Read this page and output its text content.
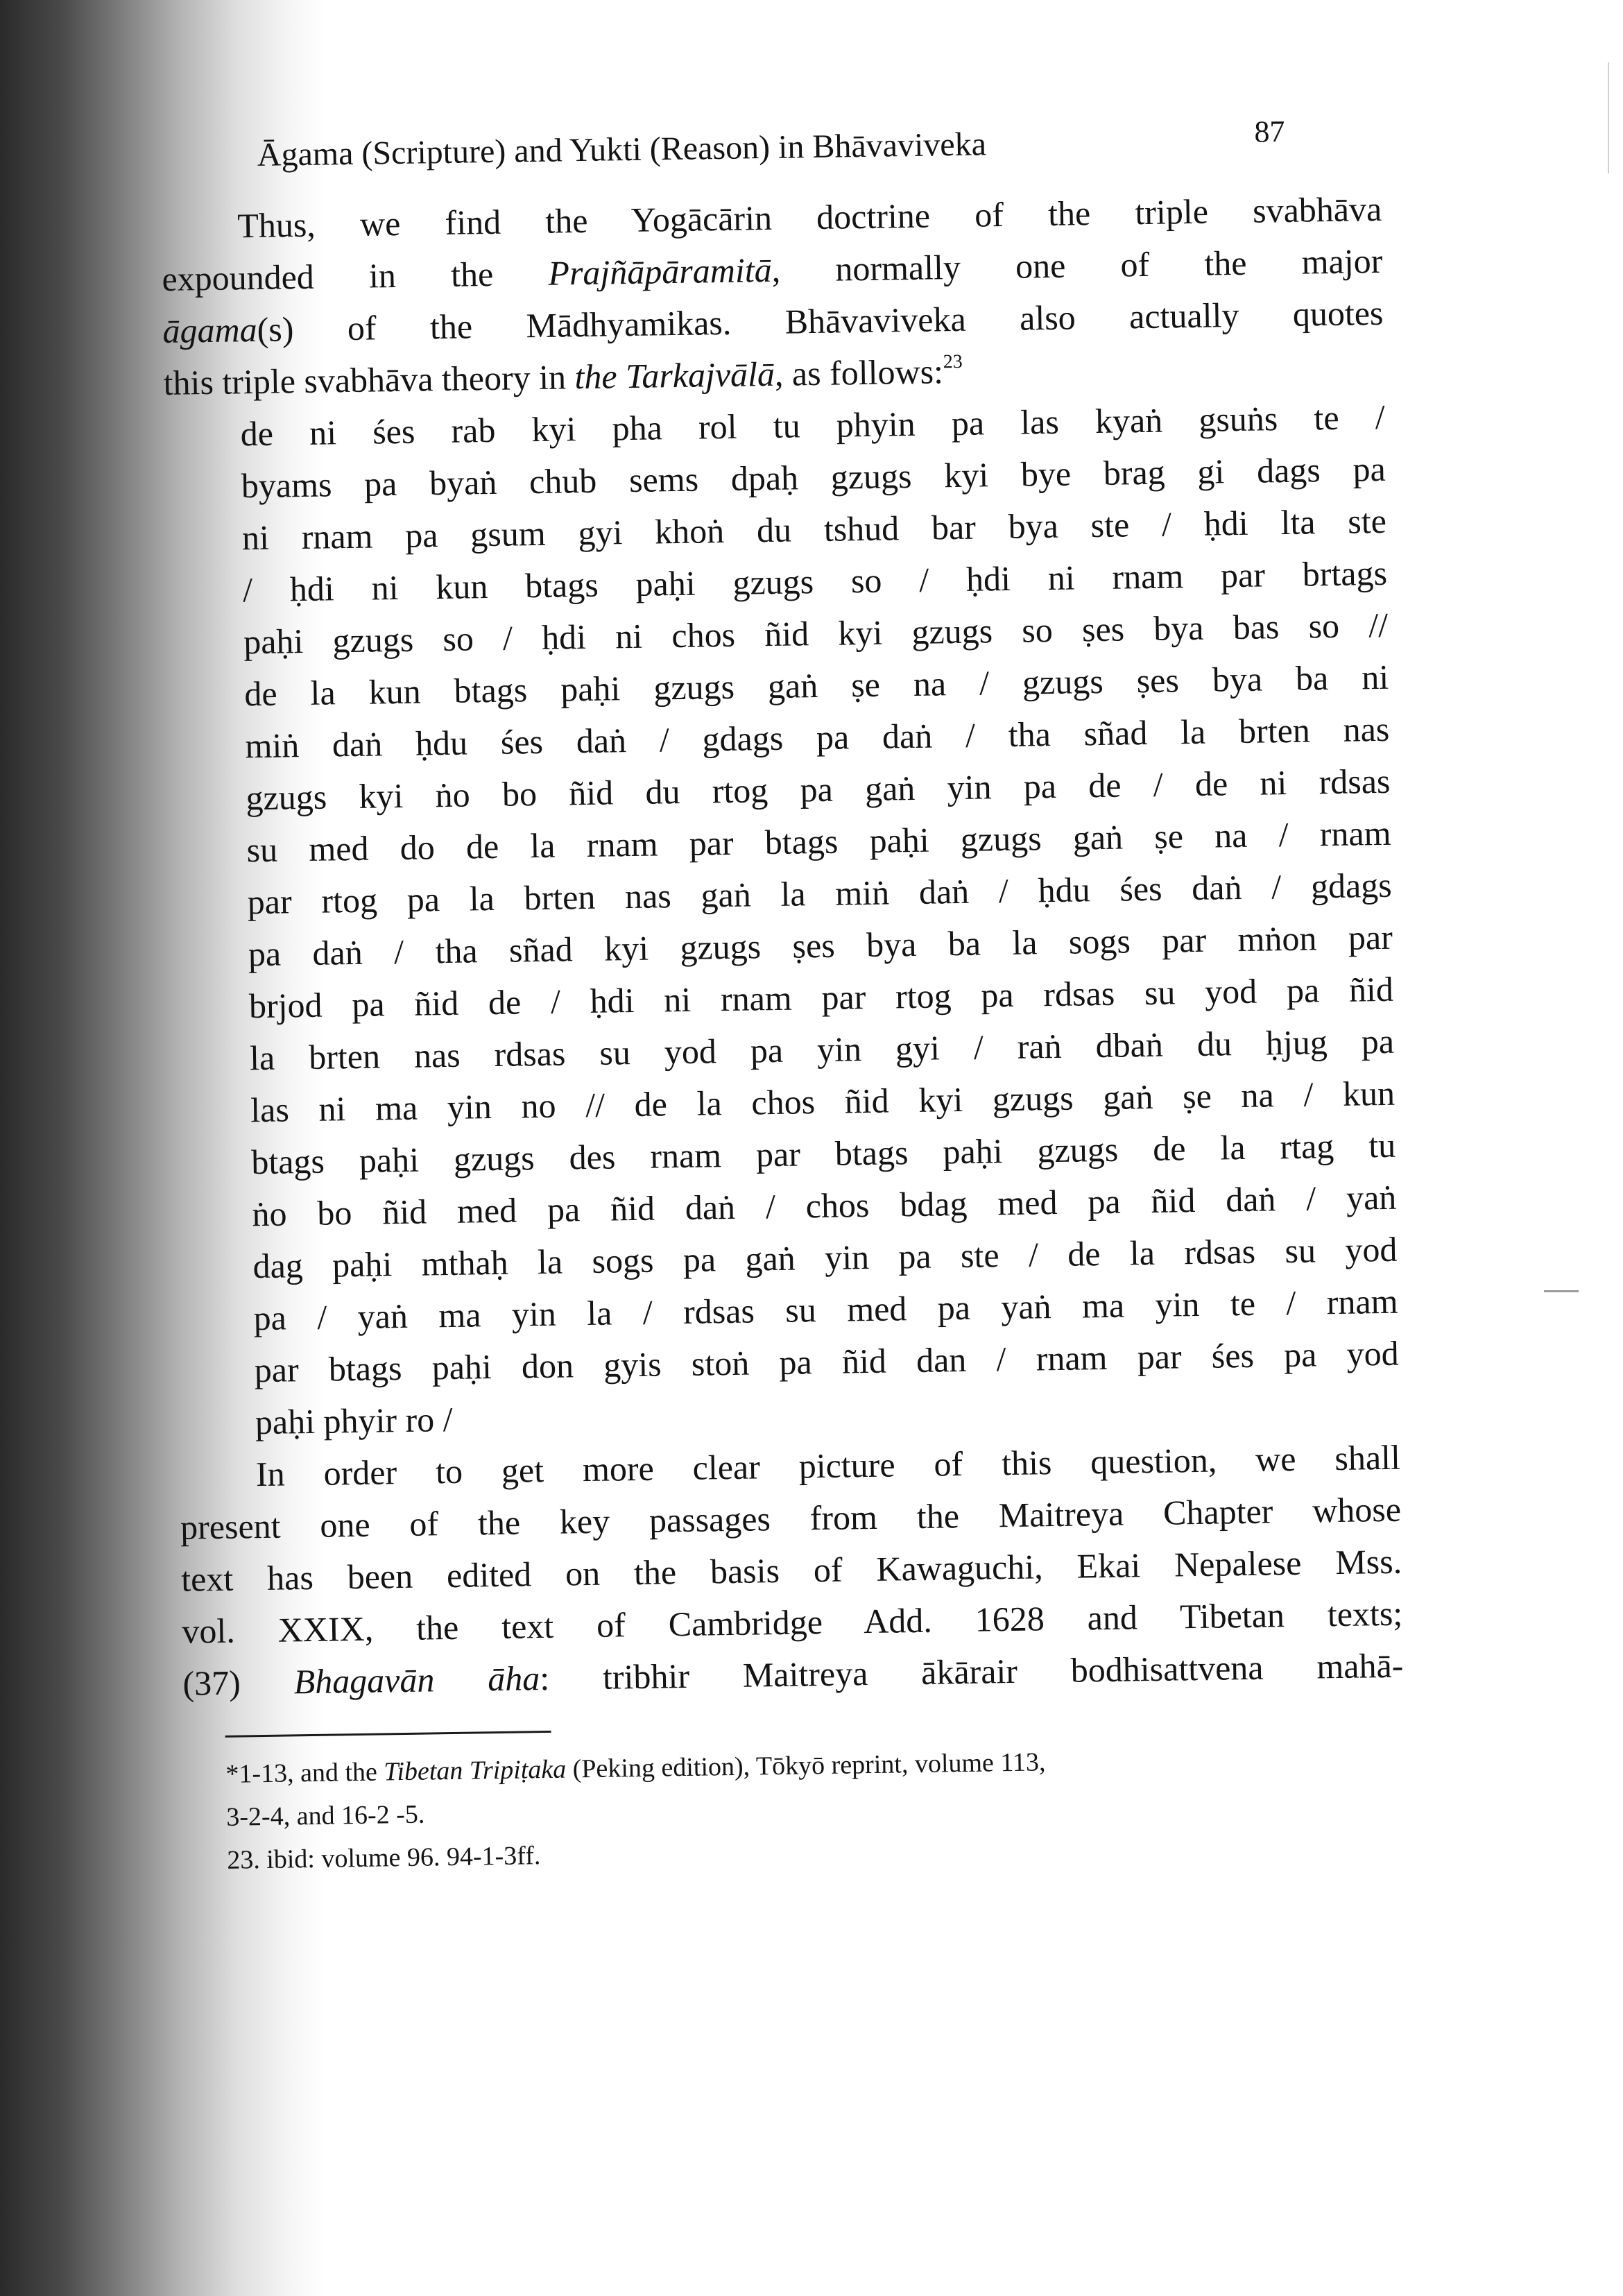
Āgama (Scripture) and Yukti (Reason) in Bhāvaviveka	87
Thus, we find the Yogācārin doctrine of the triple svabhāva
expounded in the Prajñāpāramitā, normally one of the major
āgama(s) of the Mādhyamikas. Bhāvaviveka also actually quotes
this triple svabhāva theory in the Tarkajvālā, as follows:$^{23}$
de ni śes rab kyi pha rol tu phyin pa las kyaṅ gsuṅs te /
byams pa byaṅ chub sems dpaḥ gzugs kyi bye brag gi dags pa
ni rnam pa gsum gyi khoṅ du tshud bar bya ste / ḥdi lta ste
/ ḥdi ni kun btags paḥi gzugs so / ḥdi ni rnam par brtags
paḥi gzugs so / ḥdi ni chos ñid kyi gzugs so ṣes bya bas so //
de la kun btags paḥi gzugs gaṅ ṣe na / gzugs ṣes bya ba ni
miṅ daṅ ḥdu śes daṅ / gdags pa daṅ / tha sñad la brten nas
gzugs kyi ṅo bo ñid du rtog pa gaṅ yin pa de / de ni rdsas
su med do de la rnam par btags paḥi gzugs gaṅ ṣe na / rnam
par rtog pa la brten nas gaṅ la miṅ daṅ / ḥdu śes daṅ / gdags
pa daṅ / tha sñad kyi gzugs ṣes bya ba la sogs par mṅon par
brjod pa ñid de / ḥdi ni rnam par rtog pa rdsas su yod pa ñid
la brten nas rdsas su yod pa yin gyi / raṅ dbaṅ du ḥjug pa
las ni ma yin no // de la chos ñid kyi gzugs gaṅ ṣe na / kun
btags paḥi gzugs des rnam par btags paḥi gzugs de la rtag tu
ṅo bo ñid med pa ñid daṅ / chos bdag med pa ñid daṅ / yaṅ
dag paḥi mthaḥ la sogs pa gaṅ yin pa ste / de la rdsas su yod
pa / yaṅ ma yin la / rdsas su med pa yaṅ ma yin te / rnam
par btags paḥi don gyis stoṅ pa ñid dan / rnam par śes pa yod
paḥi phyir ro /
In order to get more clear picture of this question, we shall
present one of the key passages from the Maitreya Chapter whose
text has been edited on the basis of Kawaguchi, Ekai Nepalese Mss.
vol. XXIX, the text of Cambridge Add. 1628 and Tibetan texts;
(37) Bhagavān āha: tribhir Maitreya ākārair bodhisattvena mahā-
*1-13, and the Tibetan Tripiṭaka (Peking edition), Tōkyō reprint, volume 113,
3-2-4, and 16-2 -5.
23. ibid: volume 96. 94-1-3ff.
